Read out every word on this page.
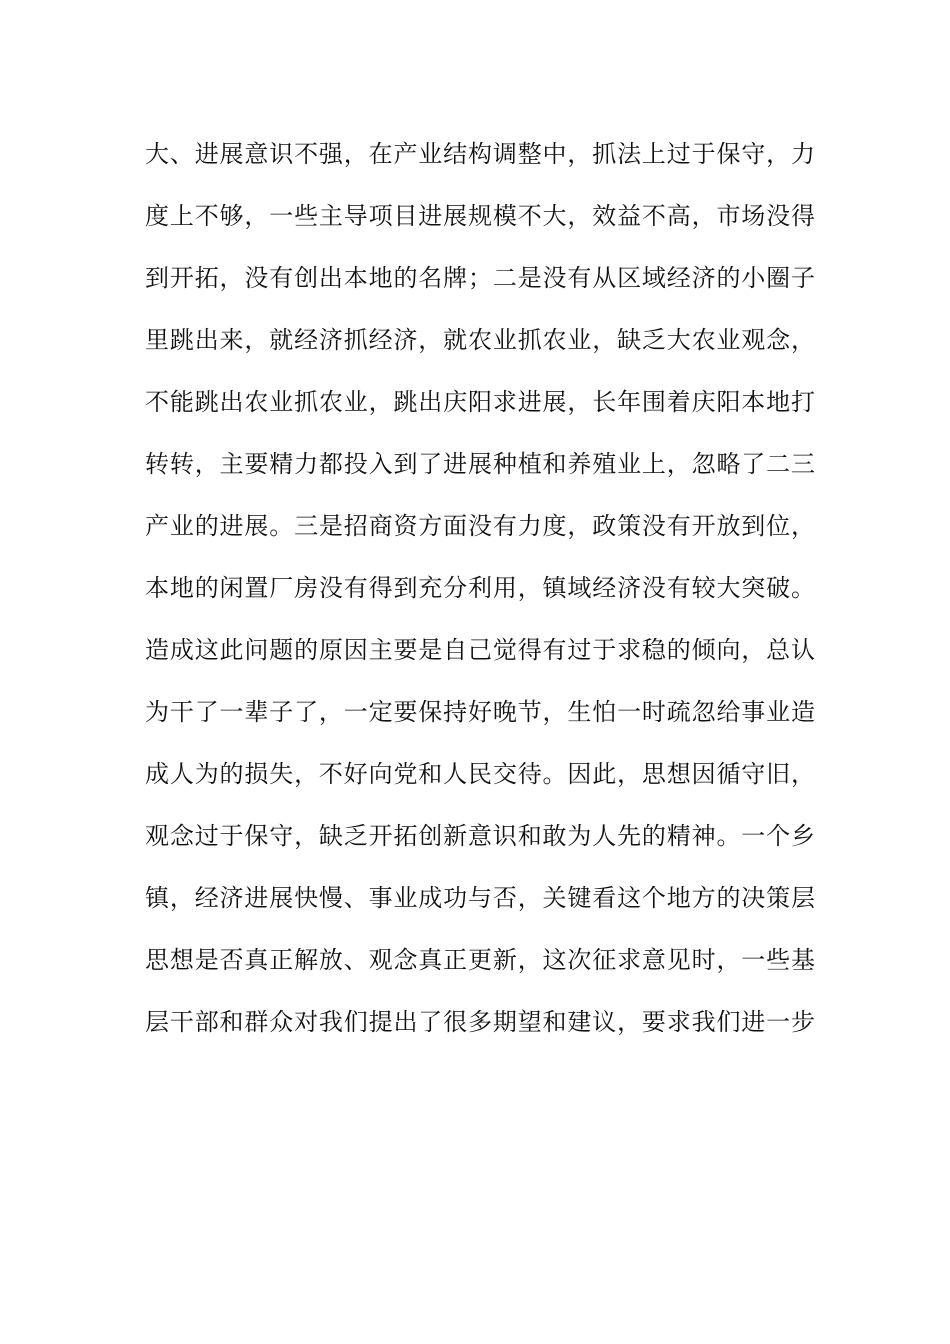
大、进展意识不强，在产业结构调整中，抓法上过于保守，力
度上不够，一些主导项目进展规模不大，效益不高，市场没得
到开拓，没有创出本地的名牌；二是没有从区域经济的小圈子
里跳出来，就经济抓经济，就农业抓农业，缺乏大农业观念，
不能跳出农业抓农业，跳出庆阳求进展，长年围着庆阳本地打
转转，主要精力都投入到了进展种植和养殖业上，忽略了二三
产业的进展。三是招商资方面没有力度，政策没有开放到位，
本地的闲置厂房没有得到充分利用，镇域经济没有较大突破。
造成这此问题的原因主要是自己觉得有过于求稳的倾向，总认
为干了一辈子了，一定要保持好晚节，生怕一时疏忽给事业造
成人为的损失，不好向党和人民交待。因此，思想因循守旧，
观念过于保守，缺乏开拓创新意识和敢为人先的精神。一个乡
镇，经济进展快慢、事业成功与否，关键看这个地方的决策层
思想是否真正解放、观念真正更新，这次征求意见时，一些基
层干部和群众对我们提出了很多期望和建议，要求我们进一步
